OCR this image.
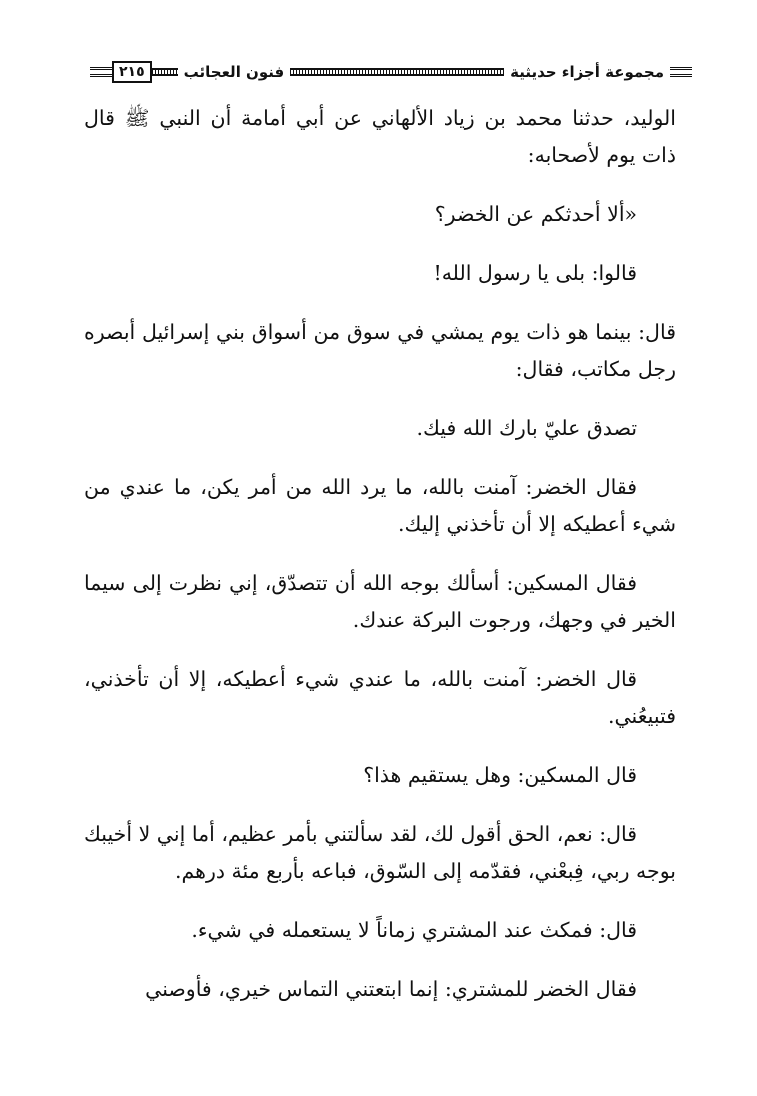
مجموعة أجزاء حديثية
فنون العجائب
٢١٥

الوليد، حدثنا محمد بن زياد الألهاني عن أبي أمامة أن النبي ﷺ قال ذات يوم لأصحابه:

«ألا أحدثكم عن الخضر؟

قالوا: بلى يا رسول الله!

قال: بينما هو ذات يوم يمشي في سوق من أسواق بني إسرائيل أبصره رجل مكاتب، فقال:

تصدق عليّ بارك الله فيك.

فقال الخضر: آمنت بالله، ما يرد الله من أمر يكن، ما عندي من شيء أعطيكه إلا أن تأخذني إليك.

فقال المسكين: أسألك بوجه الله أن تتصدّق، إني نظرت إلى سيما الخير في وجهك، ورجوت البركة عندك.

قال الخضر: آمنت بالله، ما عندي شيء أعطيكه، إلا أن تأخذني، فتبيعُني.

قال المسكين: وهل يستقيم هذا؟

قال: نعم، الحق أقول لك، لقد سألتني بأمر عظيم، أما إني لا أخيبك بوجه ربي، فِبعْني، فقدّمه إلى السّوق، فباعه بأربع مئة درهم.

قال: فمكث عند المشتري زماناً لا يستعمله في شيء.

فقال الخضر للمشتري: إنما ابتعتني التماس خيري، فأوصني
